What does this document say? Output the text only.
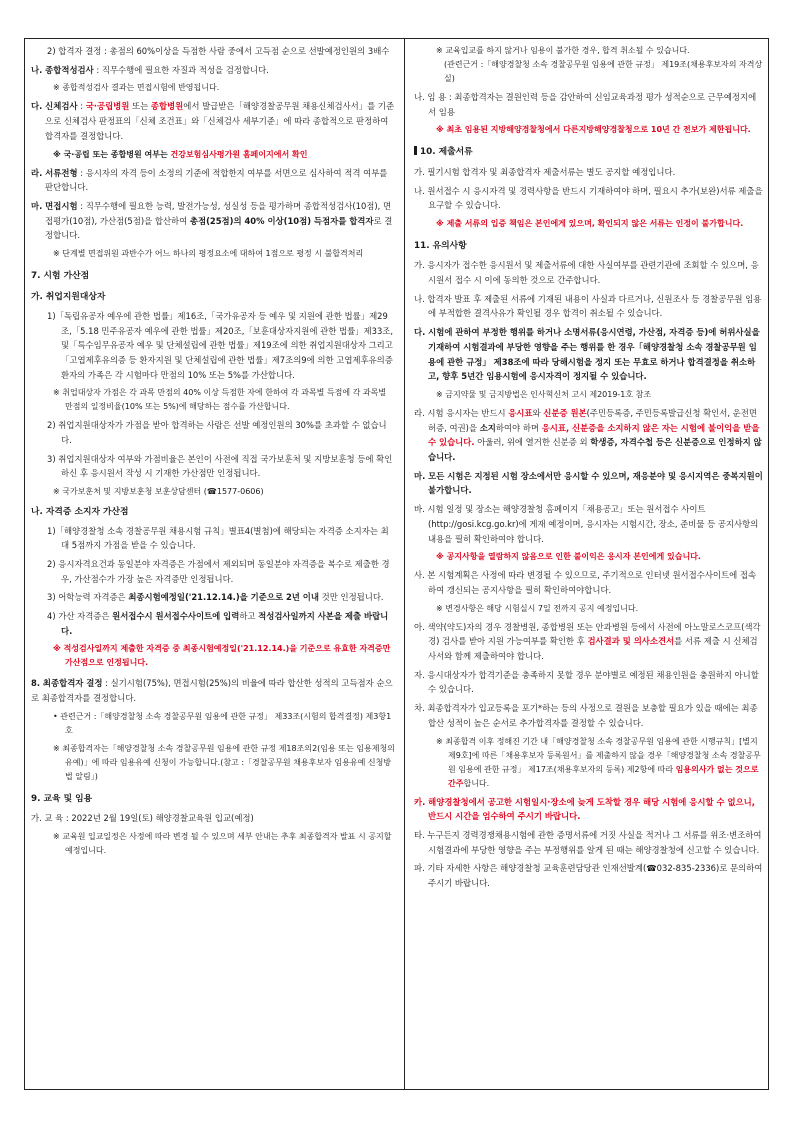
2) 합격자 결정 : 총점의 60%이상을 득점한 사람 중에서 고득점 순으로 선발예정인원의 3배수

나. 종합적성검사 : 직무수행에 필요한 자질과 적성을 검정합니다.

※ 종합적성검사 결과는 면접시험에 반영됩니다.

다. 신체검사 : 국·공립병원 또는 종합병원에서 발급받은「해양경찰공무원 채용신체검사서」를 기준으로 신체검사 판정표의「신체 조건표」와「신체검사 세부기준」에 따라 종합적으로 판정하여 합격자를 결정합니다.

※ 국·공립 또는 종합병원 여부는 건강보험심사평가원 홈페이지에서 확인

라. 서류전형 : 응시자의 자격 등이 소정의 기준에 적합한지 여부를 서면으로 심사하여 적격 여부를 판단합니다.

마. 면접시험 : 직무수행에 필요한 능력, 발전가능성, 성실성 등을 평가하며 종합적성검사(10점), 면접평가(10점), 가산점(5점)을 합산하여 총점(25점)의 40% 이상(10점) 득점자를 합격자로 결정합니다.

※ 단계별 면접위원 과반수가 어느 하나의 평정요소에 대하여 1점으로 평정 시 불합격처리

7. 시험 가산점

가. 취업지원대상자

1)「독립유공자 예우에 관한 법률」제16조,「국가유공자 등 예우 및 지원에 관한 법률」제29조,「5.18 민주유공자 예우에 관한 법률」제20조,「보훈대상자지원에 관한 법률」제33조, 및「특수임무유공자 예우 및 단체설립에 관한 법률」제19조에 의한 취업지원대상자 그리고「고엽제후유의증 등 환자지원 및 단체설립에 관한 법률」제7조의9에 의한 고엽제후유의증 환자의 가족은 각 시험마다 만점의 10% 또는 5%를 가산합니다.

※ 취업대상자 가점은 각 과목 만점의 40% 이상 득점한 자에 한하여 각 과목별 득점에 각 과목별 만점의 일정비율(10% 또는 5%)에 해당하는 점수를 가산합니다.

2) 취업지원대상자가 가점을 받아 합격하는 사람은 선발 예정인원의 30%를 초과할 수 없습니다.

3) 취업지원대상자 여부와 가점비율은 본인이 사전에 직접 국가보훈처 및 지방보훈청 등에 확인하신 후 응시원서 작성 시 기재한 가산점만 인정됩니다.

※ 국가보훈처 및 지방보훈청 보훈상담센터 (☎1577-0606)

나. 자격증 소지자 가산점

1)「해양경찰청 소속 경찰공무원 채용시험 규칙」별표4(별첨)에 해당되는 자격증 소지자는 최대 5점까지 가점을 받을 수 있습니다.

2) 응시자격요건과 동일분야 자격증은 가점에서 제외되며 동일분야 자격증을 복수로 제출한 경우, 가산점수가 가장 높은 자격증만 인정됩니다.

3) 어학능력 자격증은 최종시험예정일('21.12.14.)을 기준으로 2년 이내 것만 인정됩니다.

4) 가산 자격증은 원서접수시 원서접수사이트에 입력하고 적성검사일까지 사본을 제출 바랍니다.

※ 적성검사일까지 제출한 자격증 중 최종시험예정일('21.12.14.)을 기준으로 유효한 자격증만 가산점으로 인정됩니다.

8. 최종합격자 결정 : 실기시험(75%), 면접시험(25%)의 비율에 따라 합산한 성적의 고득점자 순으로 최종합격자를 결정합니다.

• 관련근거 :「해양경찰청 소속 경찰공무원 임용에 관한 규정」 제33조(시험의 합격결정) 제3항1호

※ 최종합격자는「해양경찰청 소속 경찰공무원 임용에 관한 규정 제18조의2(임용 또는 임용제청의 유예)」에 따라 임용유예 신청이 가능합니다.(참고 :「경찰공무원 채용후보자 임용유예 신청방법 알림」)

9. 교육 및 임용

가. 교 육 : 2022년 2월 19일(토) 해양경찰교육원 입교(예정)

※ 교육원 입교일정은 사정에 따라 변경 될 수 있으며 세부 안내는 추후 최종합격자 발표 시 공지할 예정입니다.

※ 교육입교를 하지 않거나 임용이 불가한 경우, 합격 취소될 수 있습니다.

(관련근거 :「해양경찰청 소속 경찰공무원 임용에 관한 규정」 제19조(채용후보자의 자격상실)

나. 임 용 : 최종합격자는 결원인력 등을 감안하여 신임교육과정 평가 성적순으로 근무예정지에서 임용

※ 최초 임용된 지방해양경찰청에서 다른지방해양경찰청으로 10년 간 전보가 제한됩니다.

10. 제출서류

가. 필기시험 합격자 및 최종합격자 제출서류는 별도 공지할 예정입니다.

나. 원서접수 시 응시자격 및 경력사항을 반드시 기재하여야 하며, 필요시 추가(보완)서류 제출을 요구할 수 있습니다.

※ 제출 서류의 입증 책임은 본인에게 있으며, 확인되지 않은 서류는 인정이 불가합니다.

11. 유의사항

가. 응시자가 접수한 응시원서 및 제출서류에 대한 사실여부를 관련기관에 조회할 수 있으며, 응시원서 접수 시 이에 동의한 것으로 간주합니다.

나. 합격자 발표 후 제출된 서류에 기재된 내용이 사실과 다르거나, 신원조사 등 경찰공무원 임용에 부적합한 결격사유가 확인될 경우 합격이 취소될 수 있습니다.

다. 시험에 관하여 부정한 행위를 하거나 소명서류(응시연령, 가산점, 자격증 등)에 허위사실을 기재하여 시험결과에 부당한 영향을 주는 행위를 한 경우「해양경찰청 소속 경찰공무원 임용에 관한 규정」 제38조에 따라 당해시험을 정지 또는 무효로 하거나 합격결정을 취소하고, 향후 5년간 임용시험에 응시자격이 정지될 수 있습니다.

※ 금지약물 및 금지방법은 인사혁신처 고시 제2019-1호 참조

라. 시험 응시자는 반드시 응시표와 신분증 원본(주민등록증, 주민등록발급신청 확인서, 운전면허증, 여권)을 소지하여야 하며 응시표, 신분증을 소지하지 않은 자는 시험에 불이익을 받을 수 있습니다. 아울러, 위에 열거한 신분증 외 학생증, 자격수첩 등은 신분증으로 인정하지 않습니다.

마. 모든 시험은 지정된 시험 장소에서만 응시할 수 있으며, 재응분야 및 응시지역은 중복지원이 불가합니다.

바. 시험 일정 및 장소는 해양경찰청 홈페이지「채용공고」또는 원서접수 사이트(http://gosi.kcg.go.kr)에 게재 예정이며, 응시자는 시험시간, 장소, 준비물 등 공지사항의 내용을 필히 확인하여야 합니다.

※ 공지사항을 열람하지 않음으로 인한 불이익은 응시자 본인에게 있습니다.

사. 본 시험계획은 사정에 따라 변경될 수 있으므로, 주기적으로 인터넷 원서접수사이트에 접속하여 갱신되는 공지사항을 필히 확인하여야합니다.

※ 변경사항은 해당 시험실시 7일 전까지 공지 예정입니다.

아. 색약(약도)자의 경우 경찰병원, 종합병원 또는 안과병원 등에서 사전에 아노말로스코프(색각경) 검사를 받아 지원 가능여부를 확인한 후 검사결과 및 의사소견서를 서류 제출 시 신체검사서와 함께 제출하여야 합니다.

자. 응시대상자가 합격기준을 충족하지 못할 경우 분야별로 예정된 채용인원을 충원하지 아니할 수 있습니다.

차. 최종합격자가 입교등록을 포기*하는 등의 사정으로 결원을 보충할 필요가 있을 때에는 최종합산 성적이 높은 순서로 추가합격자를 결정할 수 있습니다.

※ 최종합격 이후 정해진 기간 내「해양경찰청 소속 경찰공무원 임용에 관한 시행규칙」[별지 제9호]에 따른「채용후보자 등록원서」를 제출하지 않을 경우「해양경찰청 소속 경찰공무원 임용에 관한 규정」 제17조(채용후보자의 등록) 제2항에 따라 임용의사가 없는 것으로 간주합니다.

카. 해양경찰청에서 공고한 시험일시·장소에 늦게 도착할 경우 해당 시험에 응시할 수 없으니, 반드시 시간을 엄수하여 주시기 바랍니다.

타. 누구든지 경력경쟁채용시험에 관한 증명서류에 거짓 사실을 적거나 그 서류를 위조·변조하여 시험결과에 부당한 영향을 주는 부정행위를 알게 된 때는 해양경찰청에 신고할 수 있습니다.

파. 기타 자세한 사항은 해양경찰청 교육훈련담당관 인재선발계(☎032-835-2336)로 문의하여 주시기 바랍니다.
